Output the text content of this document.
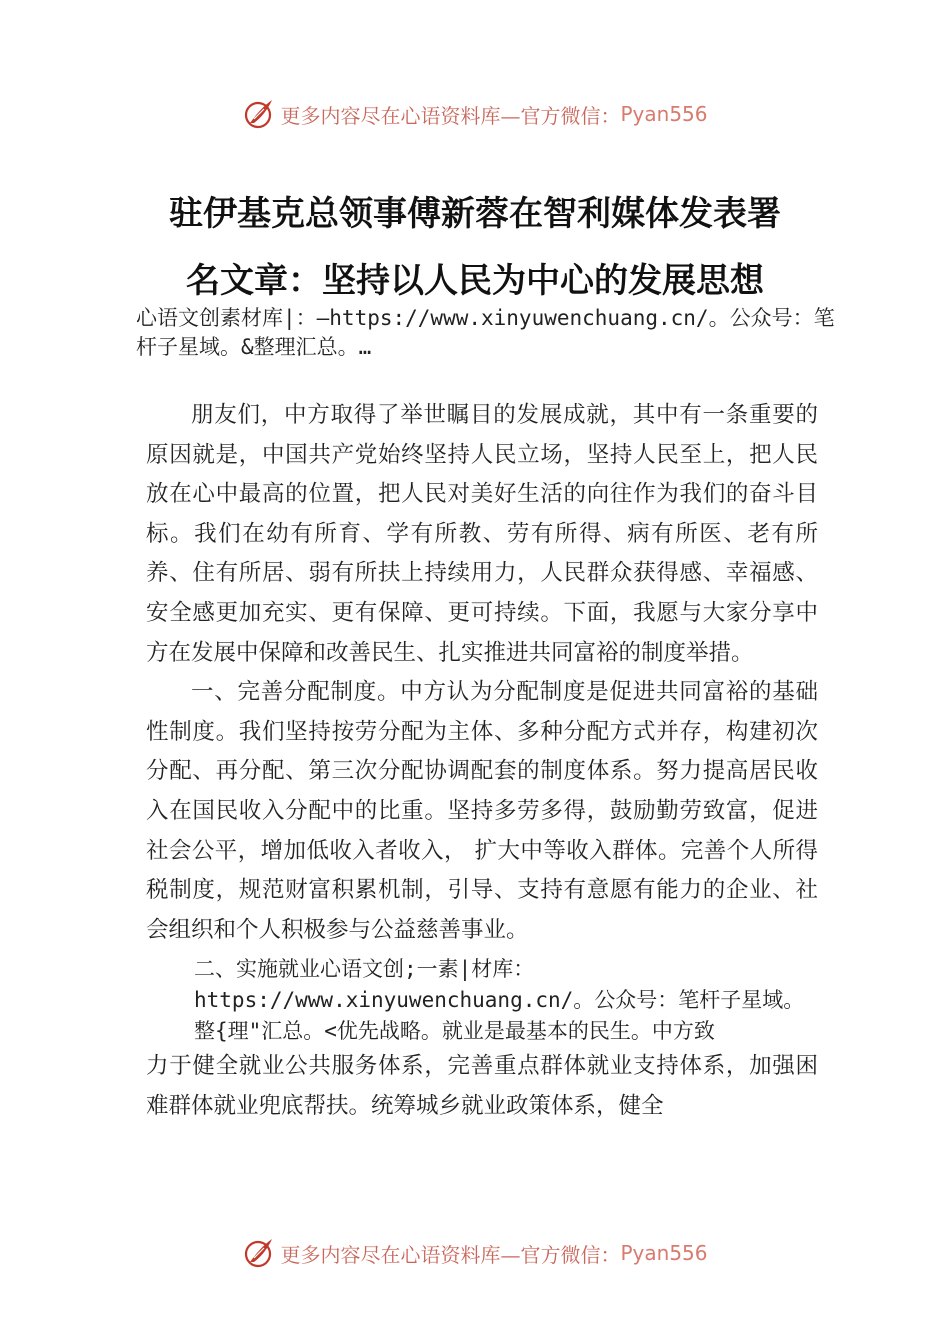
更多内容尽在心语资料库—官方微信： Pyan556
驻伊基克总领事傅新蓉在智利媒体发表署
名文章：坚持以人民为中心的发展思想
心语文创素材库|：—https://www.xinyuwenchuang.cn/。公众号：笔杆子星域。&整理汇总。…

朋友们，中方取得了举世瞩目的发展成就，其中有一条重要的原因就是，中国共产党始终坚持人民立场，坚持人民至上，把人民放在心中最高的位置，把人民对美好生活的向往作为我们的奋斗目标。我们在幼有所育、学有所教、劳有所得、病有所医、老有所养、住有所居、弱有所扶上持续用力，人民群众获得感、幸福感、安全感更加充实、更有保障、更可持续。下面，我愿与大家分享中方在发展中保障和改善民生、扎实推进共同富裕的制度举措。

一、完善分配制度。中方认为分配制度是促进共同富裕的基础性制度。我们坚持按劳分配为主体、多种分配方式并存，构建初次分配、再分配、第三次分配协调配套的制度体系。努力提高居民收入在国民收入分配中的比重。坚持多劳多得，鼓励勤劳致富，促进社会公平，增加低收入者收入， 扩大中等收入群体。完善个人所得税制度，规范财富积累机制，引导、支持有意愿有能力的企业、社会组织和个人积极参与公益慈善事业。

二、实施就业心语文创;一素|材库：https://www.xinyuwenchuang.cn/。公众号：笔杆子星域。整{理"汇总。<优先战略。就业是最基本的民生。中方致

力于健全就业公共服务体系，完善重点群体就业支持体系，加强困难群体就业兜底帮扶。统筹城乡就业政策体系，健全

更多内容尽在心语资料库—官方微信： Pyan556
